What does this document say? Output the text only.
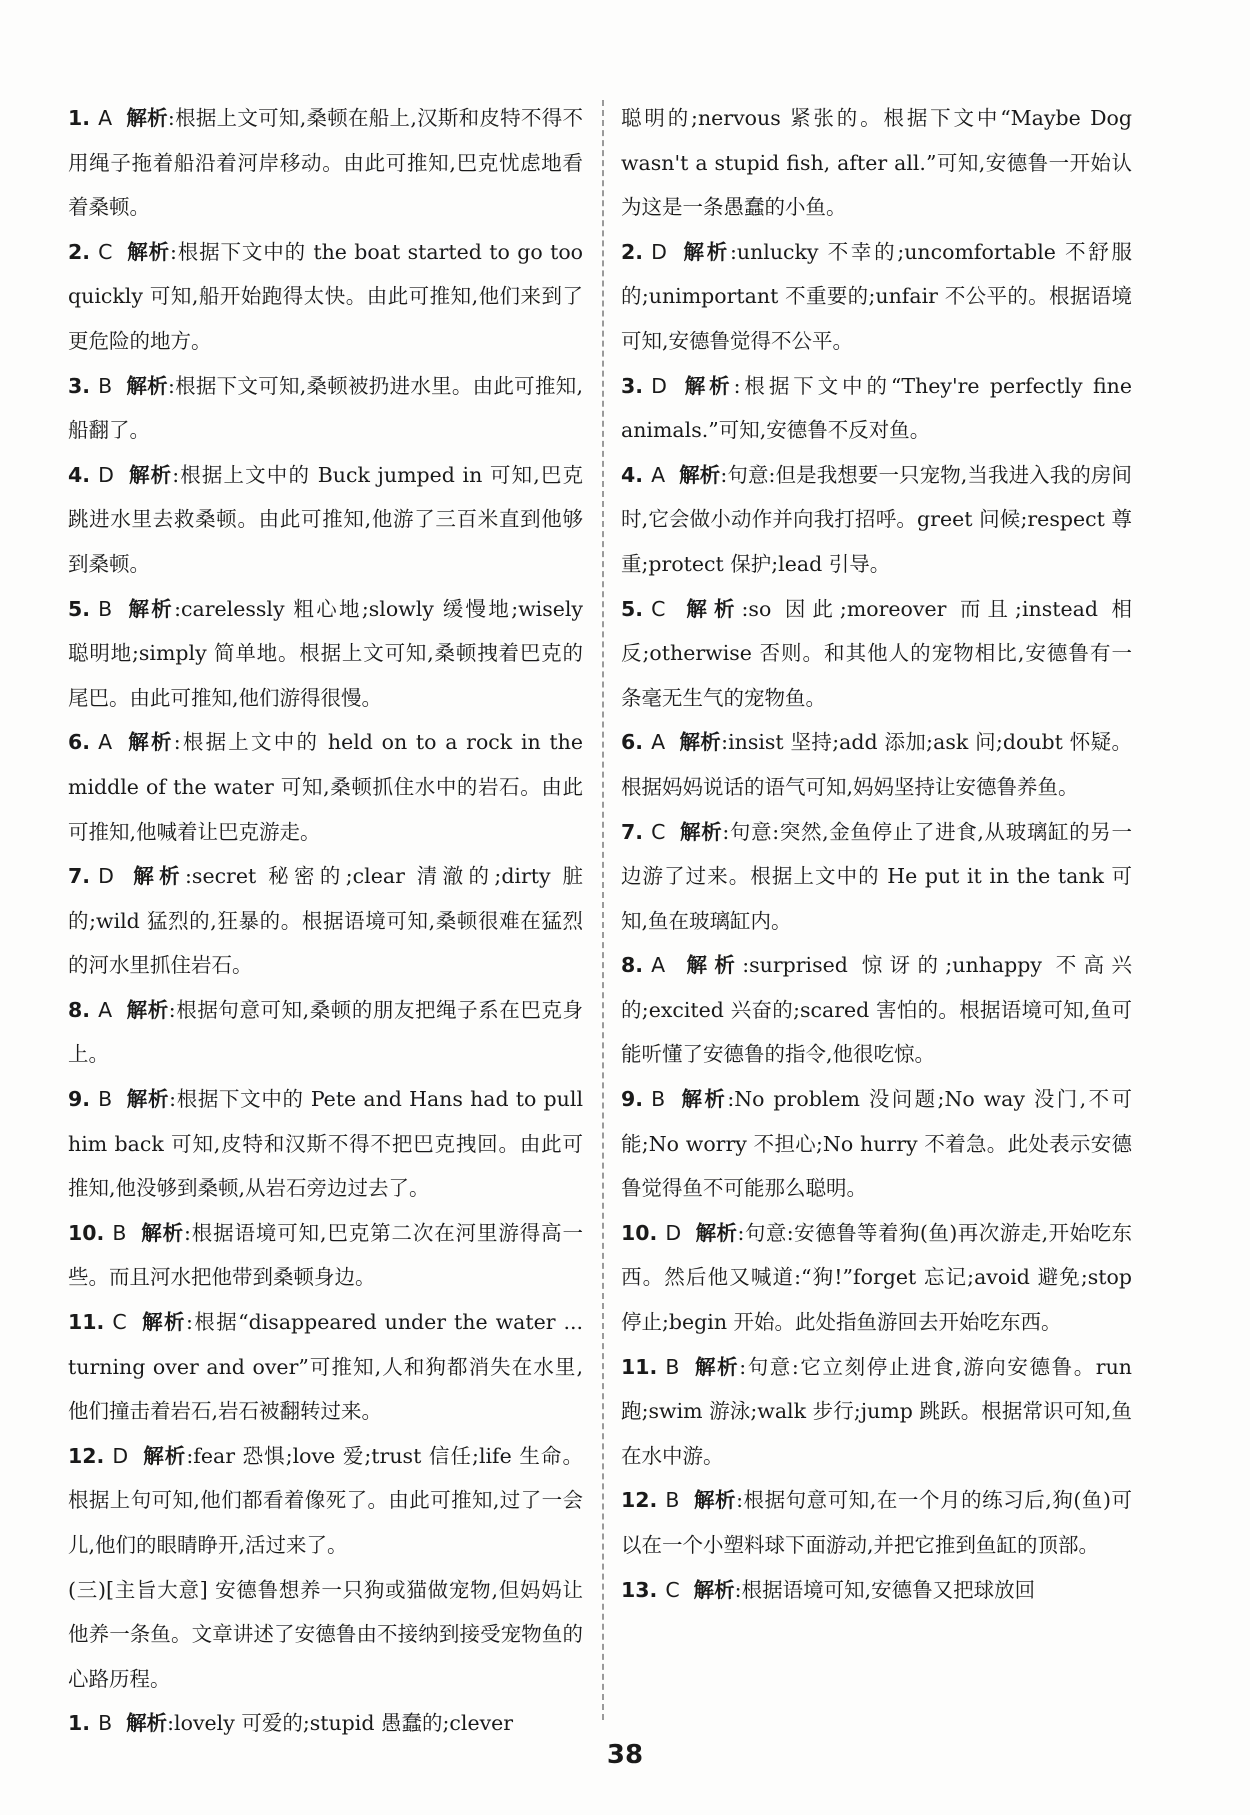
1. A 解析:根据上文可知,桑顿在船上,汉斯和皮特不得不用绳子拖着船沿着河岸移动。由此可推知,巴克忧虑地看着桑顿。

2. C 解析:根据下文中的 the boat started to go too quickly 可知,船开始跑得太快。由此可推知,他们来到了更危险的地方。

3. B 解析:根据下文可知,桑顿被扔进水里。由此可推知,船翻了。

4. D 解析:根据上文中的 Buck jumped in 可知,巴克跳进水里去救桑顿。由此可推知,他游了三百米直到他够到桑顿。

5. B 解析:carelessly 粗心地;slowly 缓慢地;wisely 聪明地;simply 简单地。根据上文可知,桑顿拽着巴克的尾巴。由此可推知,他们游得很慢。

6. A 解析:根据上文中的 held on to a rock in the middle of the water 可知,桑顿抓住水中的岩石。由此可推知,他喊着让巴克游走。

7. D 解析:secret 秘密的;clear 清澈的;dirty 脏的;wild 猛烈的,狂暴的。根据语境可知,桑顿很难在猛烈的河水里抓住岩石。

8. A 解析:根据句意可知,桑顿的朋友把绳子系在巴克身上。

9. B 解析:根据下文中的 Pete and Hans had to pull him back 可知,皮特和汉斯不得不把巴克拽回。由此可推知,他没够到桑顿,从岩石旁边过去了。

10. B 解析:根据语境可知,巴克第二次在河里游得高一些。而且河水把他带到桑顿身边。

11. C 解析:根据“disappeared under the water ... turning over and over”可推知,人和狗都消失在水里,他们撞击着岩石,岩石被翻转过来。

12. D 解析:fear 恐惧;love 爱;trust 信任;life 生命。根据上句可知,他们都看着像死了。由此可推知,过了一会儿,他们的眼睛睁开,活过来了。

(三)[主旨大意] 安德鲁想养一只狗或猫做宠物,但妈妈让他养一条鱼。文章讲述了安德鲁由不接纳到接受宠物鱼的心路历程。

1. B 解析:lovely 可爱的;stupid 愚蠢的;clever

聪明的;nervous 紧张的。根据下文中“Maybe Dog wasn't a stupid fish, after all.”可知,安德鲁一开始认为这是一条愚蠢的小鱼。

2. D 解析:unlucky 不幸的;uncomfortable 不舒服的;unimportant 不重要的;unfair 不公平的。根据语境可知,安德鲁觉得不公平。

3. D 解析:根据下文中的“They're perfectly fine animals.”可知,安德鲁不反对鱼。

4. A 解析:句意:但是我想要一只宠物,当我进入我的房间时,它会做小动作并向我打招呼。greet 问候;respect 尊重;protect 保护;lead 引导。

5. C 解析:so 因此;moreover 而且;instead 相反;otherwise 否则。和其他人的宠物相比,安德鲁有一条毫无生气的宠物鱼。

6. A 解析:insist 坚持;add 添加;ask 问;doubt 怀疑。根据妈妈说话的语气可知,妈妈坚持让安德鲁养鱼。

7. C 解析:句意:突然,金鱼停止了进食,从玻璃缸的另一边游了过来。根据上文中的 He put it in the tank 可知,鱼在玻璃缸内。

8. A 解析:surprised 惊讶的;unhappy 不高兴的;excited 兴奋的;scared 害怕的。根据语境可知,鱼可能听懂了安德鲁的指令,他很吃惊。

9. B 解析:No problem 没问题;No way 没门,不可能;No worry 不担心;No hurry 不着急。此处表示安德鲁觉得鱼不可能那么聪明。

10. D 解析:句意:安德鲁等着狗(鱼)再次游走,开始吃东西。然后他又喊道:“狗!”forget 忘记;avoid 避免;stop 停止;begin 开始。此处指鱼游回去开始吃东西。

11. B 解析:句意:它立刻停止进食,游向安德鲁。run 跑;swim 游泳;walk 步行;jump 跳跃。根据常识可知,鱼在水中游。

12. B 解析:根据句意可知,在一个月的练习后,狗(鱼)可以在一个小塑料球下面游动,并把它推到鱼缸的顶部。

13. C 解析:根据语境可知,安德鲁又把球放回

38
